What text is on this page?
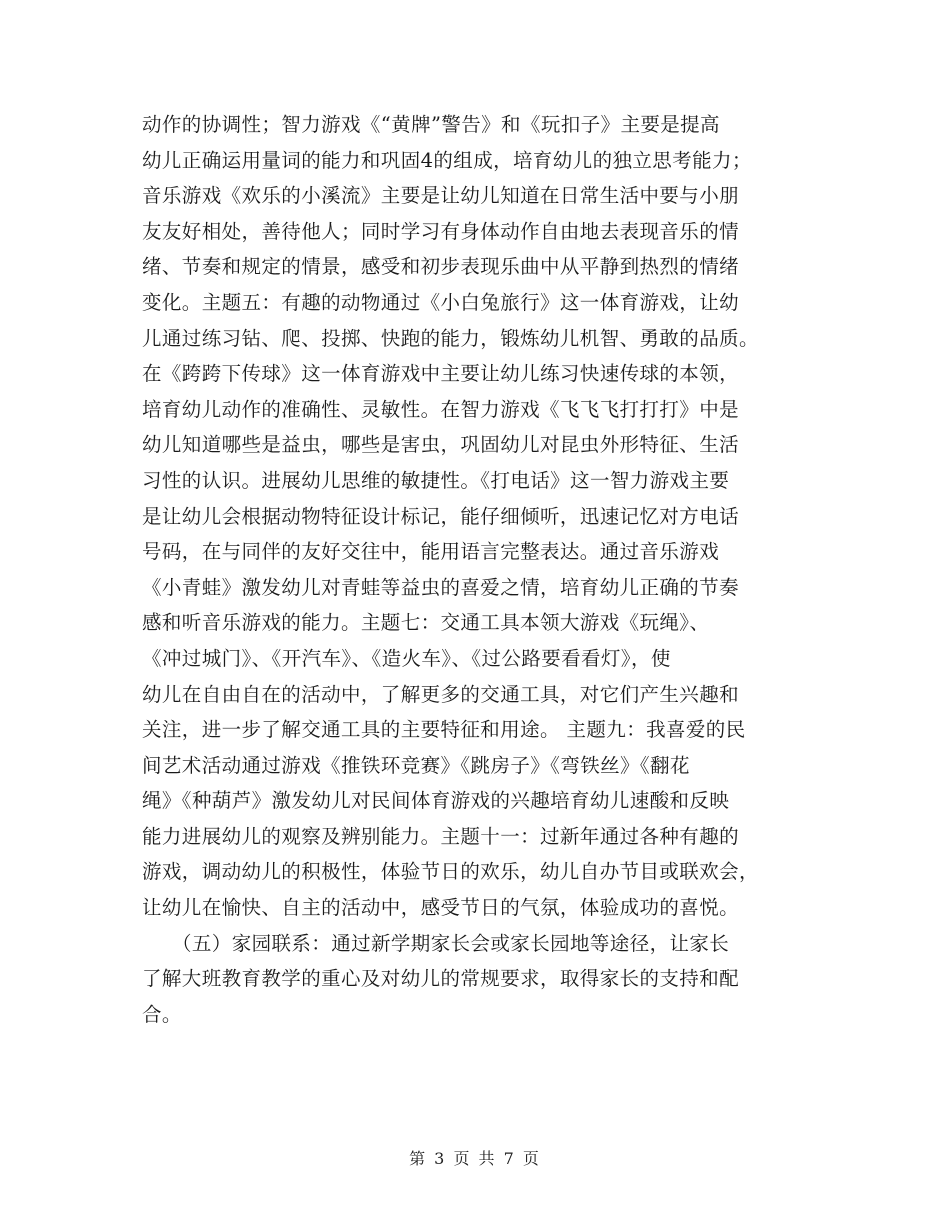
动作的协调性；智力游戏《“黄牌”警告》和《玩扣子》主要是提高
幼儿正确运用量词的能力和巩固4的组成，培育幼儿的独立思考能力；
音乐游戏《欢乐的小溪流》主要是让幼儿知道在日常生活中要与小朋
友友好相处，善待他人；同时学习有身体动作自由地去表现音乐的情
绪、节奏和规定的情景，感受和初步表现乐曲中从平静到热烈的情绪
变化。主题五：有趣的动物通过《小白兔旅行》这一体育游戏，让幼
儿通过练习钻、爬、投掷、快跑的能力，锻炼幼儿机智、勇敢的品质。
在《跨跨下传球》这一体育游戏中主要让幼儿练习快速传球的本领，
培育幼儿动作的准确性、灵敏性。在智力游戏《飞飞飞打打打》中是
幼儿知道哪些是益虫，哪些是害虫，巩固幼儿对昆虫外形特征、生活
习性的认识。进展幼儿思维的敏捷性。《打电话》这一智力游戏主要
是让幼儿会根据动物特征设计标记，能仔细倾听，迅速记忆对方电话
号码，在与同伴的友好交往中，能用语言完整表达。通过音乐游戏
《小青蛙》激发幼儿对青蛙等益虫的喜爱之情，培育幼儿正确的节奏
感和听音乐游戏的能力。主题七：交通工具本领大游戏《玩绳》、
《冲过城门》、《开汽车》、《造火车》、《过公路要看看灯》，使
幼儿在自由自在的活动中，了解更多的交通工具，对它们产生兴趣和
关注，进一步了解交通工具的主要特征和用途。 主题九：我喜爱的民
间艺术活动通过游戏《推铁环竞赛》《跳房子》《弯铁丝》《翻花
绳》《种葫芦》激发幼儿对民间体育游戏的兴趣培育幼儿速酸和反映
能力进展幼儿的观察及辨别能力。主题十一：过新年通过各种有趣的
游戏，调动幼儿的积极性，体验节日的欢乐，幼儿自办节目或联欢会，
让幼儿在愉快、自主的活动中，感受节日的气氛，体验成功的喜悦。
（五）家园联系：通过新学期家长会或家长园地等途径，让家长
了解大班教育教学的重心及对幼儿的常规要求，取得家长的支持和配
合。
第 3 页 共 7 页
